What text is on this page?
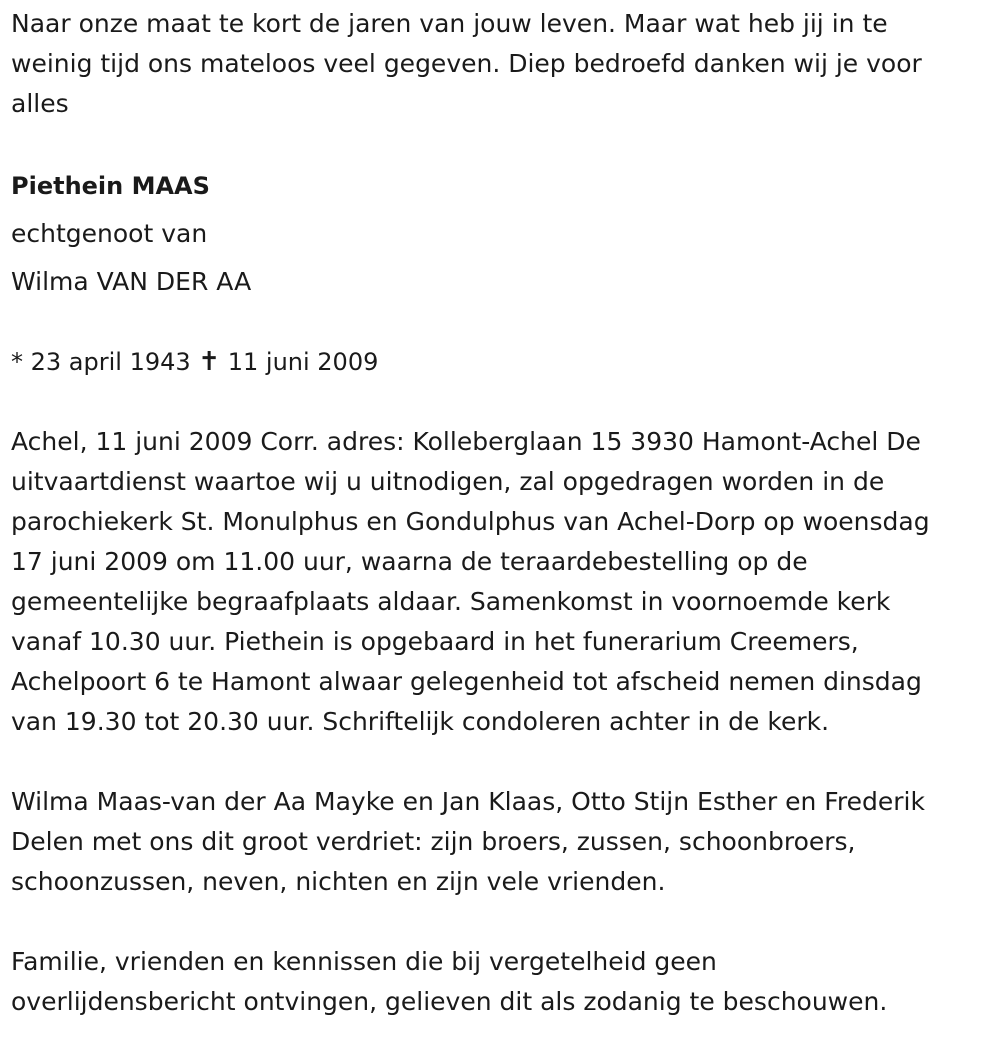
Naar onze maat te kort de jaren van jouw leven. Maar wat heb jij in te
weinig tijd ons mateloos veel gegeven. Diep bedroefd danken wij je voor
alles
Piethein MAAS
echtgenoot van
Wilma VAN DER AA
* 23 april 1943 ✝ 11 juni 2009
Achel, 11 juni 2009 Corr. adres: Kolleberglaan 15 3930 Hamont-Achel De
uitvaartdienst waartoe wij u uitnodigen, zal opgedragen worden in de
parochiekerk St. Monulphus en Gondulphus van Achel-Dorp op woensdag
17 juni 2009 om 11.00 uur, waarna de teraardebestelling op de
gemeentelijke begraafplaats aldaar. Samenkomst in voornoemde kerk
vanaf 10.30 uur. Piethein is opgebaard in het funerarium Creemers,
Achelpoort 6 te Hamont alwaar gelegenheid tot afscheid nemen dinsdag
van 19.30 tot 20.30 uur. Schriftelijk condoleren achter in de kerk.
Wilma Maas-van der Aa Mayke en Jan Klaas, Otto Stijn Esther en Frederik
Delen met ons dit groot verdriet: zijn broers, zussen, schoonbroers,
schoonzussen, neven, nichten en zijn vele vrienden.
Familie, vrienden en kennissen die bij vergetelheid geen
overlijdensbericht ontvingen, gelieven dit als zodanig te beschouwen.
